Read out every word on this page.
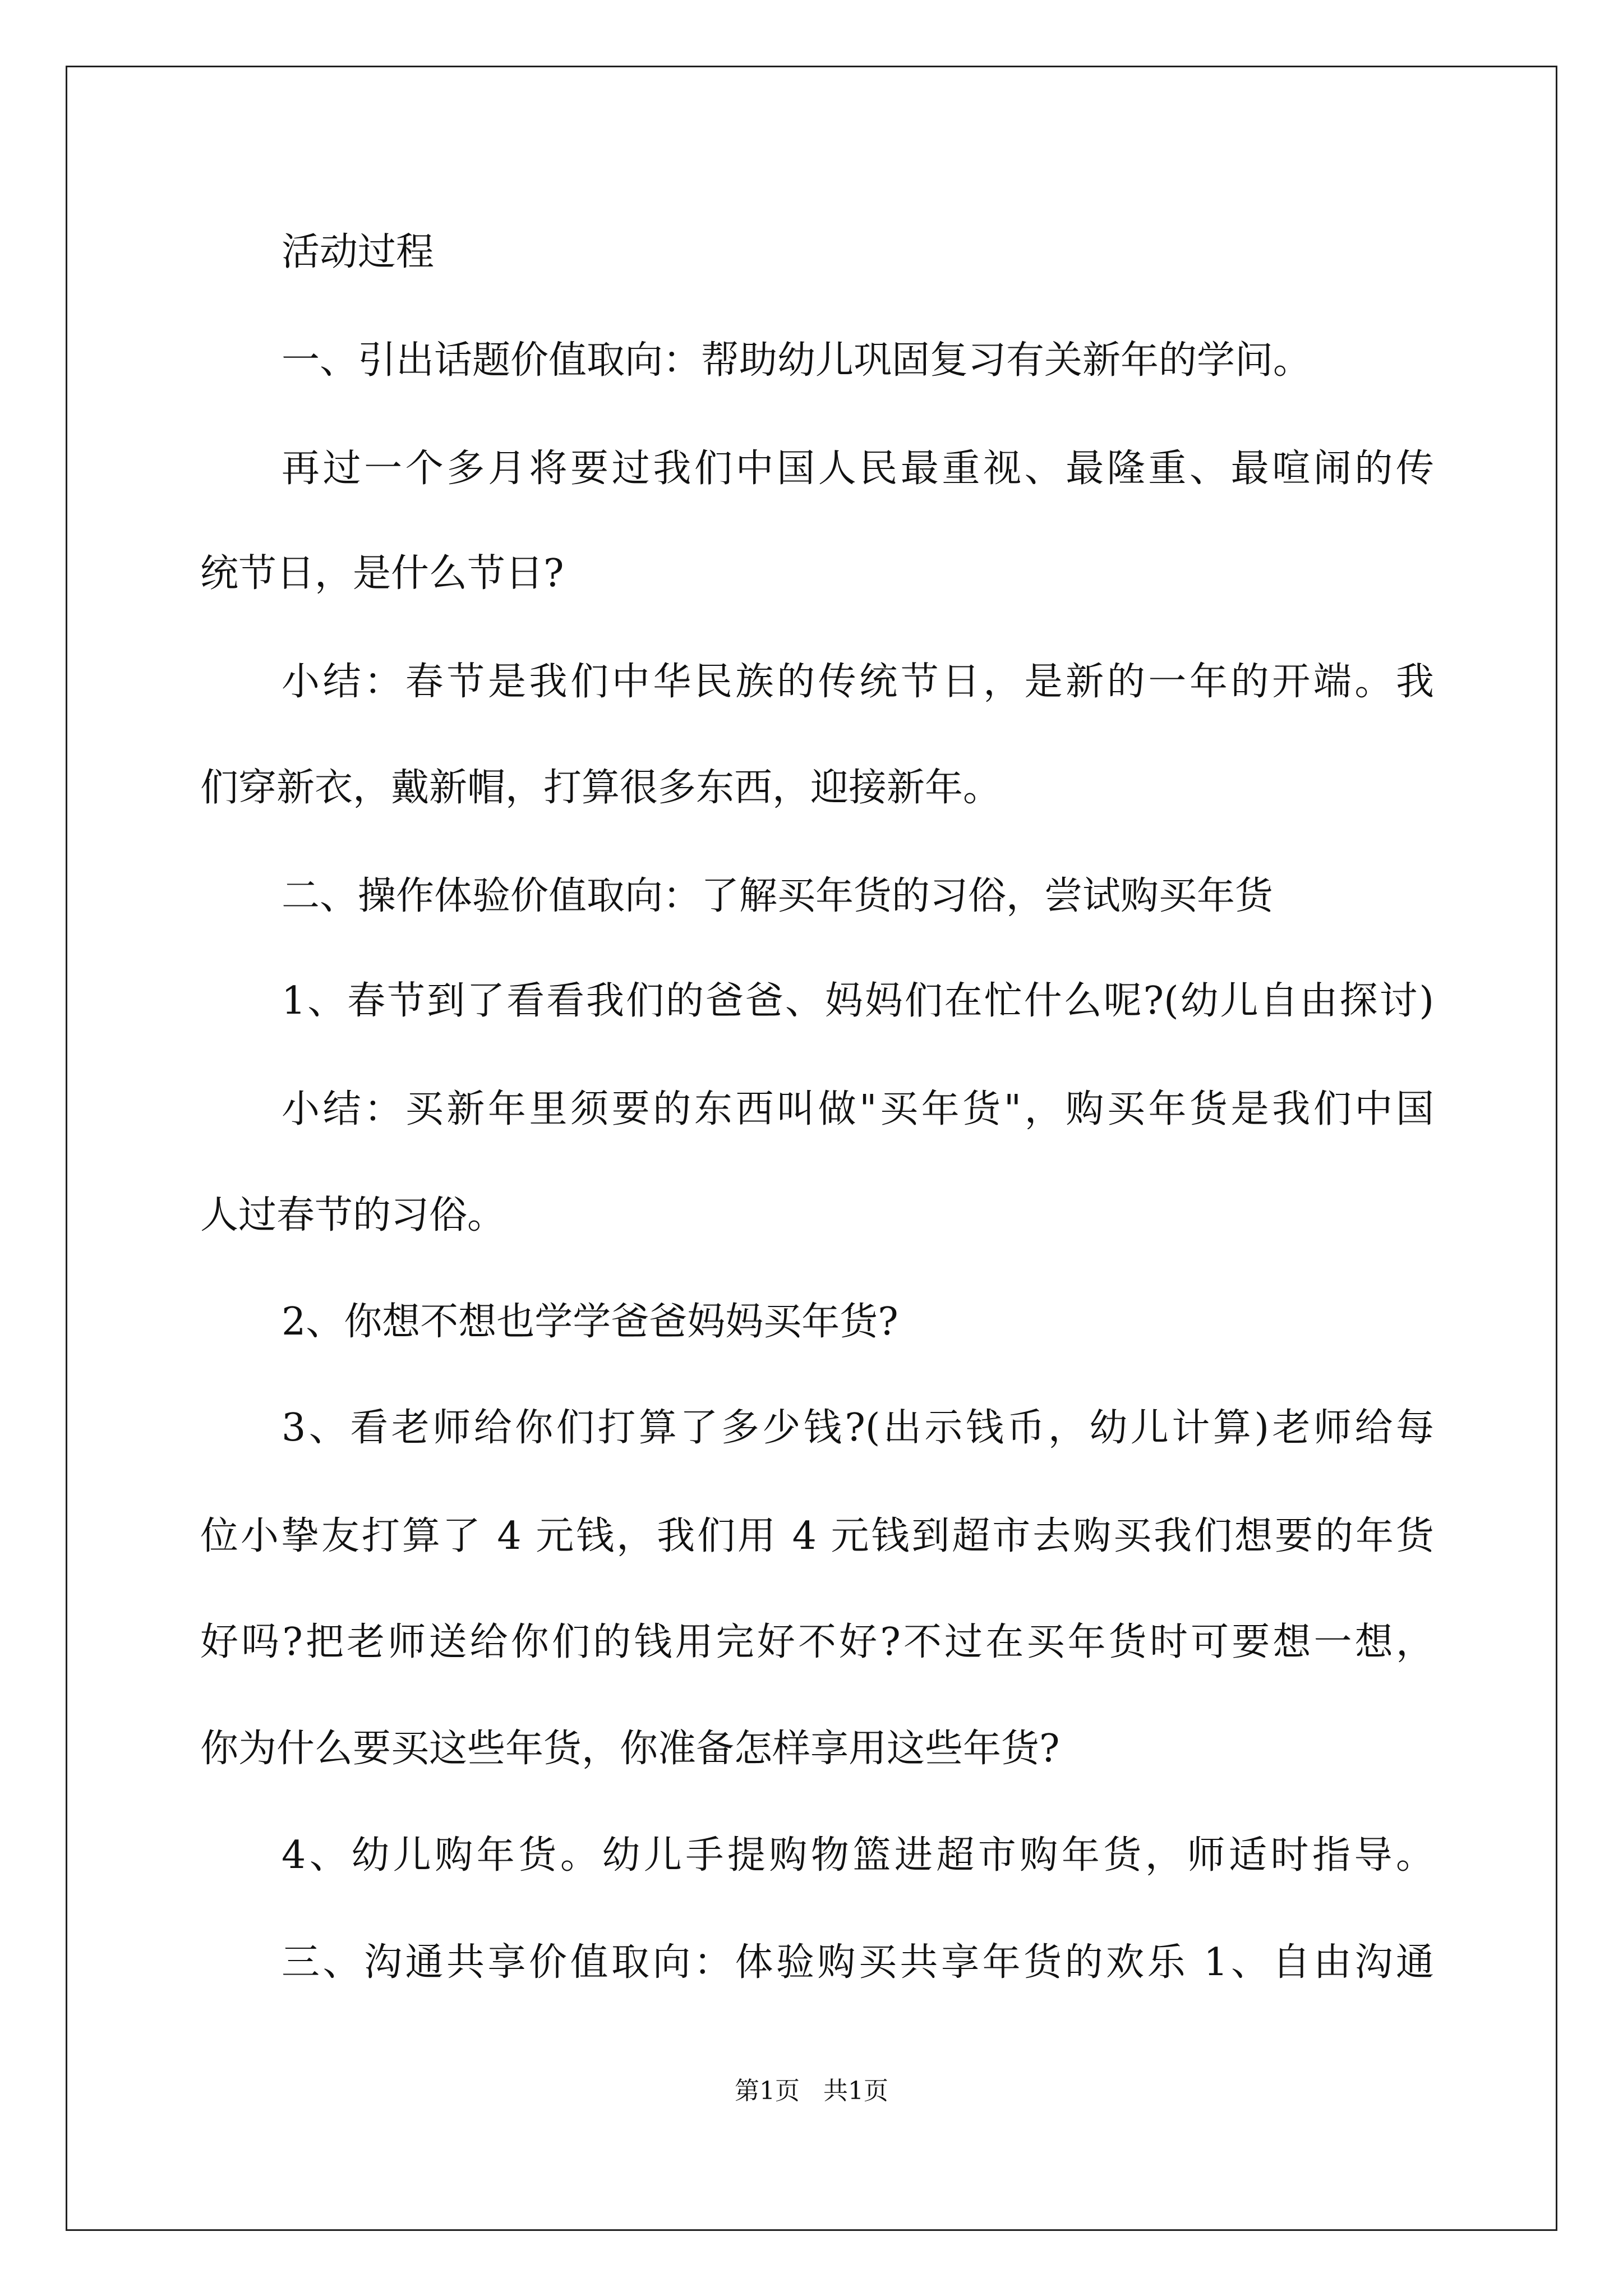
活动过程
一、引出话题价值取向：帮助幼儿巩固复习有关新年的学问。
再过一个多月将要过我们中国人民最重视、最隆重、最喧闹的传
统节日，是什么节日?
小结：春节是我们中华民族的传统节日，是新的一年的开端。我
们穿新衣，戴新帽，打算很多东西，迎接新年。
二、操作体验价值取向：了解买年货的习俗，尝试购买年货
1、春节到了看看我们的爸爸、妈妈们在忙什么呢?(幼儿自由探讨)
小结：买新年里须要的东西叫做"买年货"，购买年货是我们中国
人过春节的习俗。
2、你想不想也学学爸爸妈妈买年货?
3、看老师给你们打算了多少钱?(出示钱币，幼儿计算)老师给每
位小挚友打算了 4 元钱，我们用 4 元钱到超市去购买我们想要的年货
好吗?把老师送给你们的钱用完好不好?不过在买年货时可要想一想，
你为什么要买这些年货，你准备怎样享用这些年货?
4、幼儿购年货。幼儿手提购物篮进超市购年货，师适时指导。
三、沟通共享价值取向：体验购买共享年货的欢乐 1、自由沟通
第1页   共1页
